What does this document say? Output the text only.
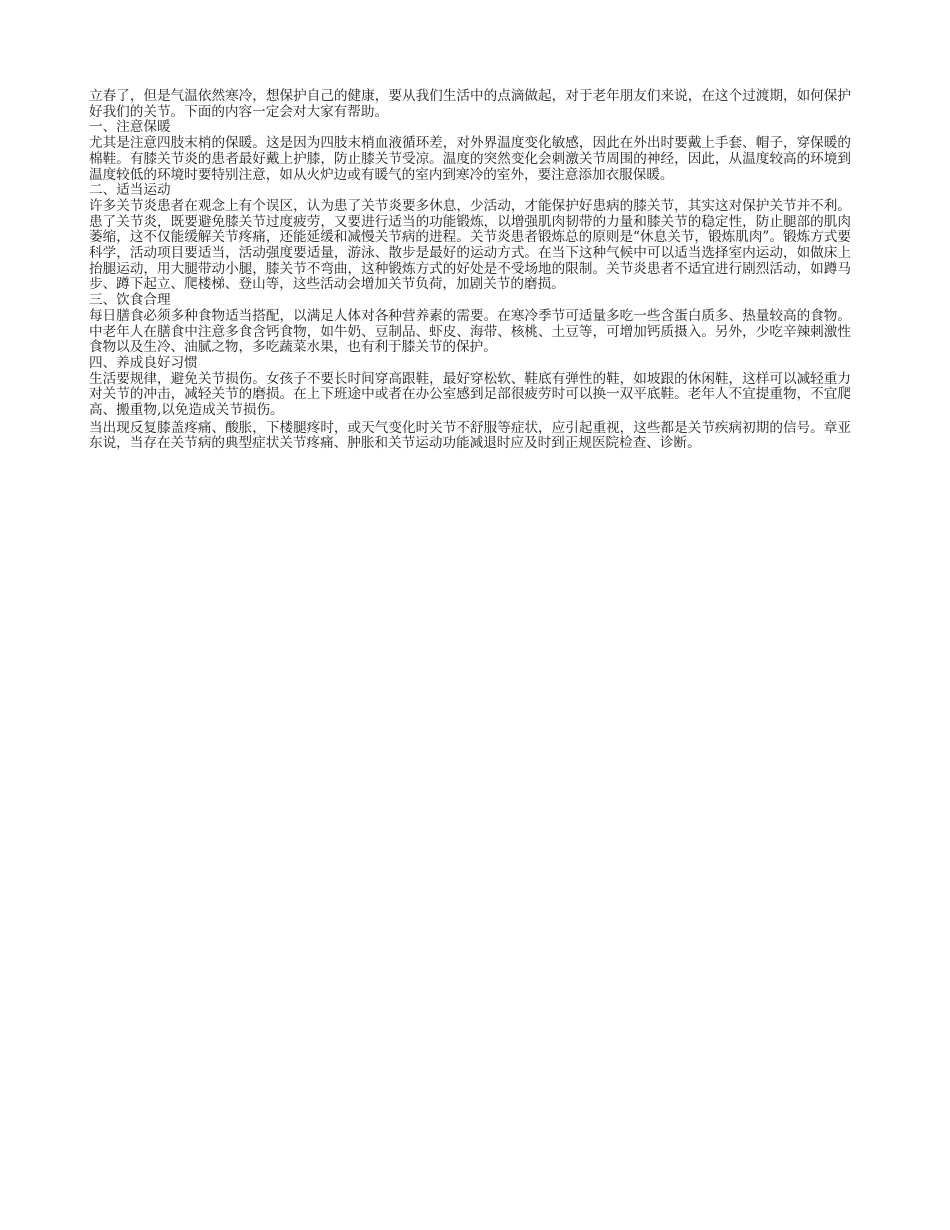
立春了，但是气温依然寒冷，想保护自己的健康，要从我们生活中的点滴做起，对于老年朋友们来说，在这个过渡期，如何保护好我们的关节。下面的内容一定会对大家有帮助。

一、注意保暖

尤其是注意四肢末梢的保暖。这是因为四肢末梢血液循环差，对外界温度变化敏感，因此在外出时要戴上手套、帽子，穿保暖的棉鞋。有膝关节炎的患者最好戴上护膝，防止膝关节受凉。温度的突然变化会刺激关节周围的神经，因此，从温度较高的环境到温度较低的环境时要特别注意，如从火炉边或有暖气的室内到寒冷的室外，要注意添加衣服保暖。

二、适当运动

许多关节炎患者在观念上有个误区，认为患了关节炎要多休息，少活动，才能保护好患病的膝关节，其实这对保护关节并不利。患了关节炎，既要避免膝关节过度疲劳，又要进行适当的功能锻炼，以增强肌肉韧带的力量和膝关节的稳定性，防止腿部的肌肉萎缩，这不仅能缓解关节疼痛，还能延缓和减慢关节病的进程。关节炎患者锻炼总的原则是“休息关节，锻炼肌肉”。锻炼方式要科学，活动项目要适当，活动强度要适量，游泳、散步是最好的运动方式。在当下这种气候中可以适当选择室内运动，如做床上抬腿运动，用大腿带动小腿，膝关节不弯曲，这种锻炼方式的好处是不受场地的限制。关节炎患者不适宜进行剧烈活动，如蹲马步、蹲下起立、爬楼梯、登山等，这些活动会增加关节负荷，加剧关节的磨损。

三、饮食合理

每日膳食必须多种食物适当搭配，以满足人体对各种营养素的需要。在寒冷季节可适量多吃一些含蛋白质多、热量较高的食物。中老年人在膳食中注意多食含钙食物，如牛奶、豆制品、虾皮、海带、核桃、土豆等，可增加钙质摄入。另外，少吃辛辣刺激性食物以及生冷、油腻之物，多吃蔬菜水果，也有利于膝关节的保护。

四、养成良好习惯

生活要规律，避免关节损伤。女孩子不要长时间穿高跟鞋，最好穿松软、鞋底有弹性的鞋，如坡跟的休闲鞋，这样可以减轻重力对关节的冲击，减轻关节的磨损。在上下班途中或者在办公室感到足部很疲劳时可以换一双平底鞋。老年人不宜提重物，不宜爬高、搬重物,以免造成关节损伤。

当出现反复膝盖疼痛、酸胀，下楼腿疼时，或天气变化时关节不舒服等症状，应引起重视，这些都是关节疾病初期的信号。章亚东说，当存在关节病的典型症状关节疼痛、肿胀和关节运动功能减退时应及时到正规医院检查、诊断。
